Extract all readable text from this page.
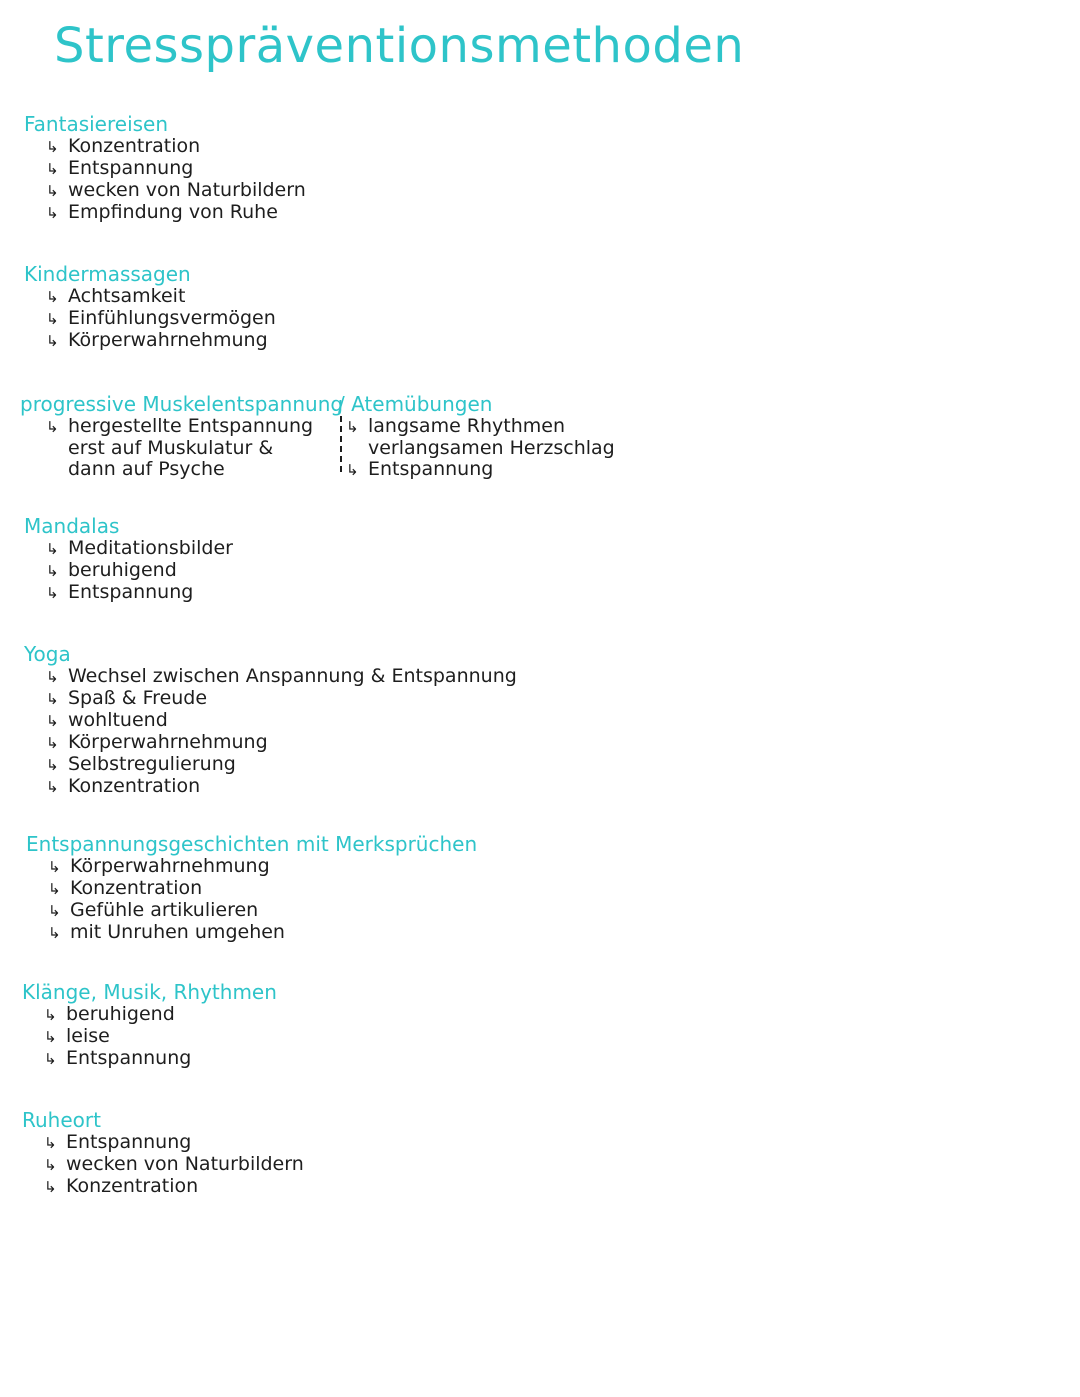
Stresspräventionsmethoden
Fantasiereisen
↳ Konzentration
↳ Entspannung
↳ wecken von Naturbildern
↳ Empfindung von Ruhe
Kindermassagen
↳ Achtsamkeit
↳ Einfühlungsvermögen
↳ Körperwahrnehmung
progressive Muskelentspannung
↳ hergestellte Entspannung
erst auf Muskulatur &
dann auf Psyche
/ Atemübungen
↳ langsame Rhythmen
verlangsamen Herzschlag
↳ Entspannung
Mandalas
↳ Meditationsbilder
↳ beruhigend
↳ Entspannung
Yoga
↳ Wechsel zwischen Anspannung & Entspannung
↳ Spaß & Freude
↳ wohltuend
↳ Körperwahrnehmung
↳ Selbstregulierung
↳ Konzentration
Entspannungsgeschichten mit Merksprüchen
↳ Körperwahrnehmung
↳ Konzentration
↳ Gefühle artikulieren
↳ mit Unruhen umgehen
Klänge, Musik, Rhythmen
↳ beruhigend
↳ leise
↳ Entspannung
Ruheort
↳ Entspannung
↳ wecken von Naturbildern
↳ Konzentration
